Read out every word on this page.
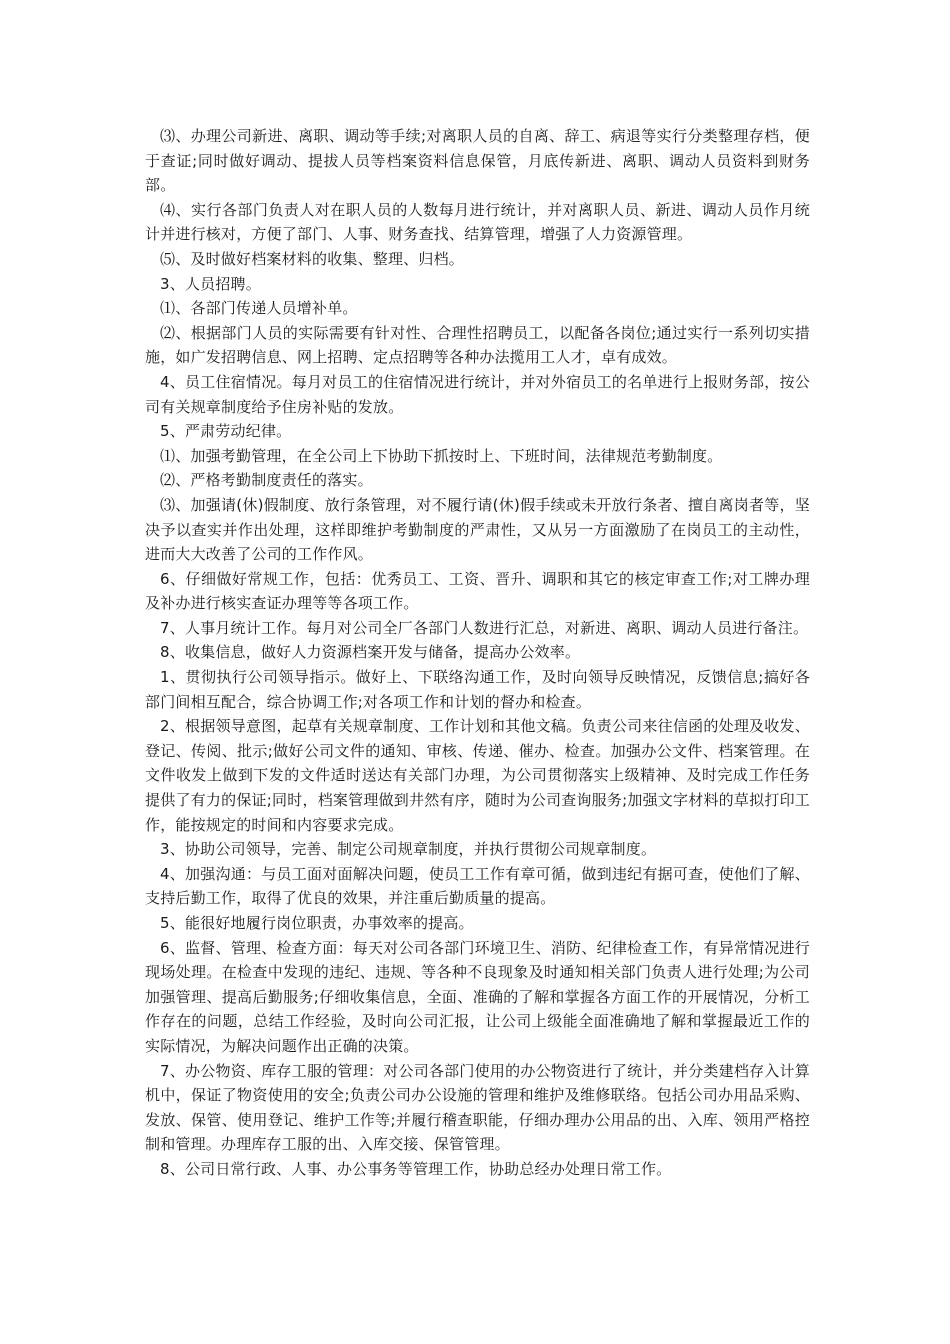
⑶、办理公司新进、离职、调动等手续;对离职人员的自离、辞工、病退等实行分类整理存档，便于查证;同时做好调动、提拔人员等档案资料信息保管，月底传新进、离职、调动人员资料到财务部。

⑷、实行各部门负责人对在职人员的人数每月进行统计，并对离职人员、新进、调动人员作月统计并进行核对，方便了部门、人事、财务查找、结算管理，增强了人力资源管理。

⑸、及时做好档案材料的收集、整理、归档。

3、人员招聘。

⑴、各部门传递人员增补单。

⑵、根据部门人员的实际需要有针对性、合理性招聘员工，以配备各岗位;通过实行一系列切实措施，如广发招聘信息、网上招聘、定点招聘等各种办法揽用工人才，卓有成效。

4、员工住宿情况。每月对员工的住宿情况进行统计，并对外宿员工的名单进行上报财务部，按公司有关规章制度给予住房补贴的发放。

5、严肃劳动纪律。

⑴、加强考勤管理，在全公司上下协助下抓按时上、下班时间，法律规范考勤制度。

⑵、严格考勤制度责任的落实。

⑶、加强请(休)假制度、放行条管理，对不履行请(休)假手续或未开放行条者、擅自离岗者等，坚决予以查实并作出处理，这样即维护考勤制度的严肃性，又从另一方面激励了在岗员工的主动性，进而大大改善了公司的工作作风。

6、仔细做好常规工作，包括：优秀员工、工资、晋升、调职和其它的核定审查工作;对工牌办理及补办进行核实查证办理等等各项工作。

7、人事月统计工作。每月对公司全厂各部门人数进行汇总，对新进、离职、调动人员进行备注。

8、收集信息，做好人力资源档案开发与储备，提高办公效率。

1、贯彻执行公司领导指示。做好上、下联络沟通工作，及时向领导反映情况，反馈信息;搞好各部门间相互配合，综合协调工作;对各项工作和计划的督办和检查。

2、根据领导意图，起草有关规章制度、工作计划和其他文稿。负责公司来往信函的处理及收发、登记、传阅、批示;做好公司文件的通知、审核、传递、催办、检查。加强办公文件、档案管理。在文件收发上做到下发的文件适时送达有关部门办理，为公司贯彻落实上级精神、及时完成工作任务提供了有力的保证;同时，档案管理做到井然有序，随时为公司查询服务;加强文字材料的草拟打印工作，能按规定的时间和内容要求完成。

3、协助公司领导，完善、制定公司规章制度，并执行贯彻公司规章制度。

4、加强沟通：与员工面对面解决问题，使员工工作有章可循，做到违纪有据可查，使他们了解、支持后勤工作，取得了优良的效果，并注重后勤质量的提高。

5、能很好地履行岗位职责，办事效率的提高。

6、监督、管理、检查方面：每天对公司各部门环境卫生、消防、纪律检查工作，有异常情况进行现场处理。在检查中发现的违纪、违规、等各种不良现象及时通知相关部门负责人进行处理;为公司加强管理、提高后勤服务;仔细收集信息，全面、准确的了解和掌握各方面工作的开展情况，分析工作存在的问题，总结工作经验，及时向公司汇报，让公司上级能全面准确地了解和掌握最近工作的实际情况，为解决问题作出正确的决策。

7、办公物资、库存工服的管理：对公司各部门使用的办公物资进行了统计，并分类建档存入计算机中，保证了物资使用的安全;负责公司办公设施的管理和维护及维修联络。包括公司办用品采购、发放、保管、使用登记、维护工作等;并履行稽查职能，仔细办理办公用品的出、入库、领用严格控制和管理。办理库存工服的出、入库交接、保管管理。

8、公司日常行政、人事、办公事务等管理工作，协助总经办处理日常工作。
